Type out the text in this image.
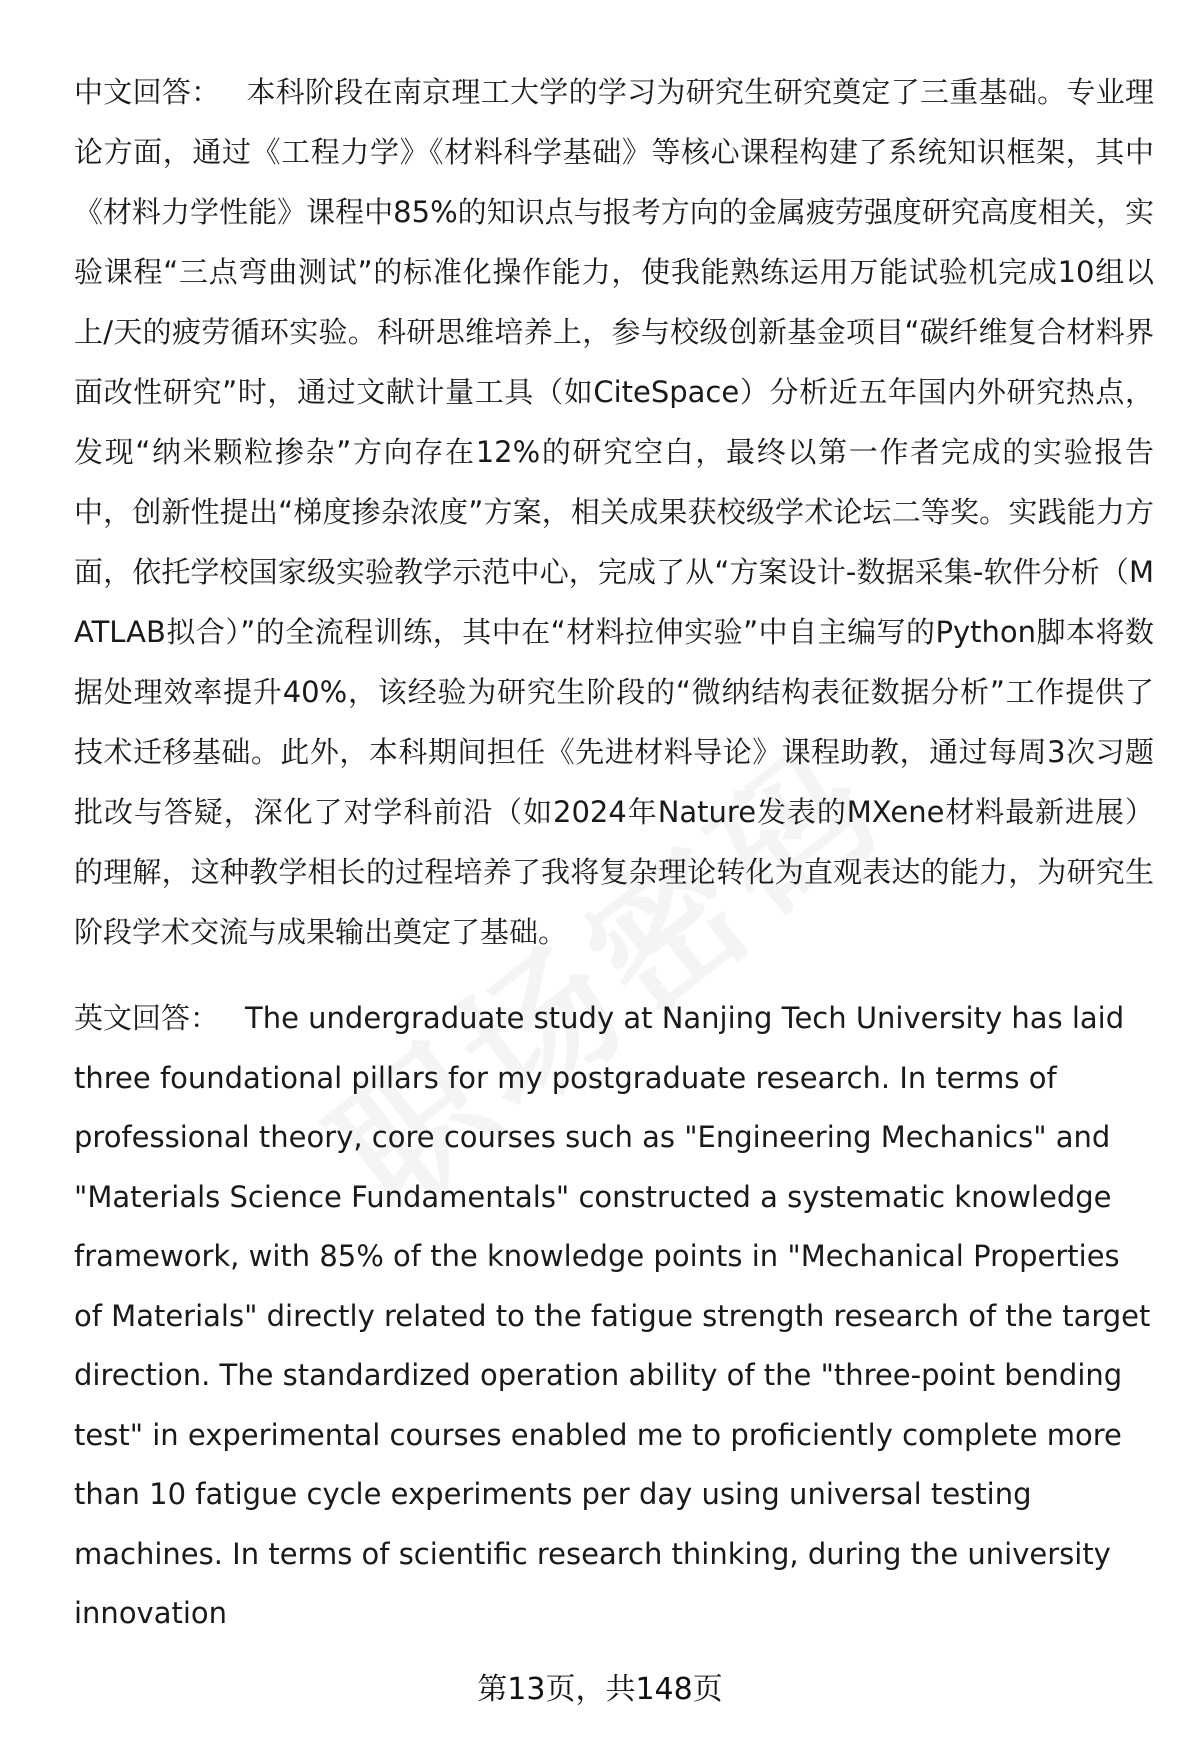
中文回答： 本科阶段在南京理工大学的学习为研究生研究奠定了三重基础。专业理论方面，通过《工程力学》《材料科学基础》等核心课程构建了系统知识框架，其中《材料力学性能》课程中85%的知识点与报考方向的金属疲劳强度研究高度相关，实验课程“三点弯曲测试”的标准化操作能力，使我能熟练运用万能试验机完成10组以上/天的疲劳循环实验。科研思维培养上，参与校级创新基金项目“碳纤维复合材料界面改性研究”时，通过文献计量工具（如CiteSpace）分析近五年国内外研究热点，发现“纳米颗粒掺杂”方向存在12%的研究空白，最终以第一作者完成的实验报告中，创新性提出“梯度掺杂浓度”方案，相关成果获校级学术论坛二等奖。实践能力方面，依托学校国家级实验教学示范中心，完成了从“方案设计-数据采集-软件分析（MATLAB拟合）”的全流程训练，其中在“材料拉伸实验”中自主编写的Python脚本将数据处理效率提升40%，该经验为研究生阶段的“微纳结构表征数据分析”工作提供了技术迁移基础。此外，本科期间担任《先进材料导论》课程助教，通过每周3次习题批改与答疑，深化了对学科前沿（如2024年Nature发表的MXene材料最新进展）的理解，这种教学相长的过程培养了我将复杂理论转化为直观表达的能力，为研究生阶段学术交流与成果输出奠定了基础。

英文回答： The undergraduate study at Nanjing Tech University has laid three foundational pillars for my postgraduate research. In terms of professional theory, core courses such as "Engineering Mechanics" and "Materials Science Fundamentals" constructed a systematic knowledge framework, with 85% of the knowledge points in "Mechanical Properties of Materials" directly related to the fatigue strength research of the target direction. The standardized operation ability of the "three-point bending test" in experimental courses enabled me to proficiently complete more than 10 fatigue cycle experiments per day using universal testing machines. In terms of scientific research thinking, during the university innovation

第13页，共148页
